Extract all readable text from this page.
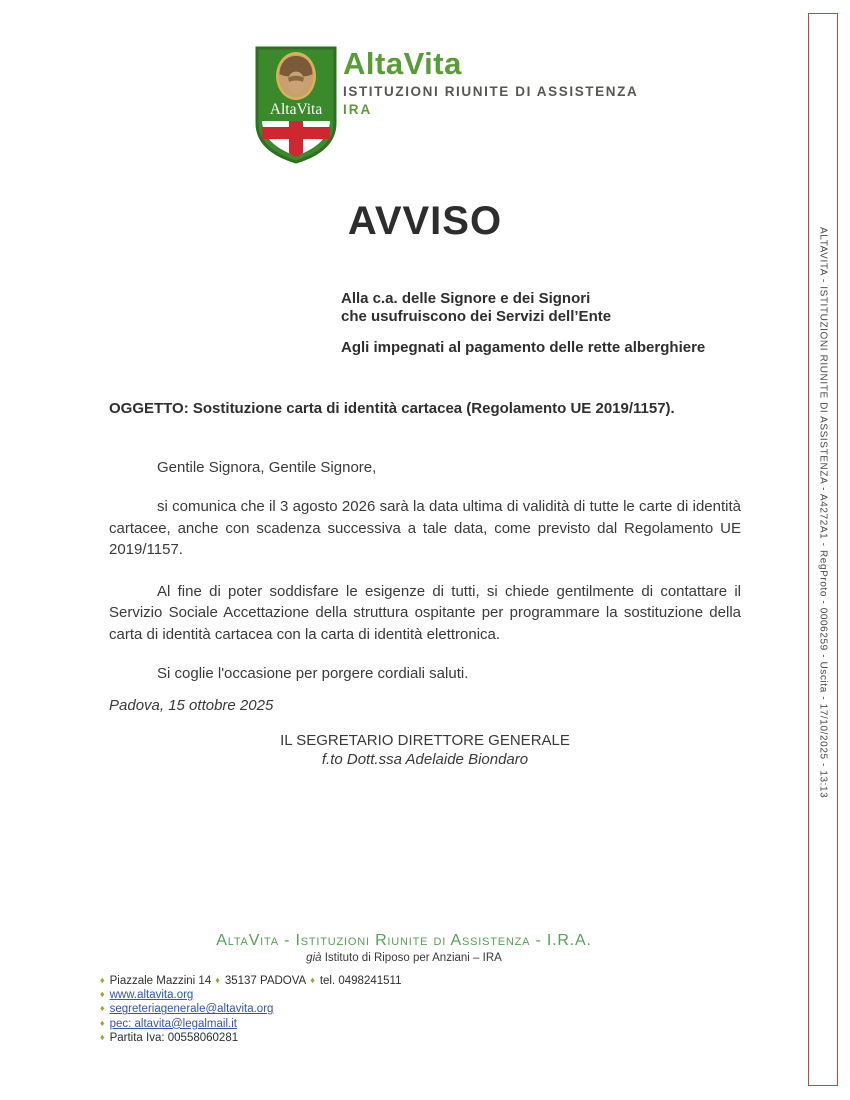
ALTAVITA - ISTITUZIONI RIUNITE DI ASSISTENZA - A4272A1 - RegProto - 0006259 - Uscita - 17/10/2025 - 13:13
AltaVita
AltaVita
ISTITUZIONI RIUNITE DI ASSISTENZA
IRA
AVVISO
Alla c.a. delle Signore e dei Signori
che usufruiscono dei Servizi dell’Ente
Agli impegnati al pagamento delle rette alberghiere
OGGETTO: Sostituzione carta di identità cartacea (Regolamento UE 2019/1157).
Gentile Signora, Gentile Signore,
si comunica che il 3 agosto 2026 sarà la data ultima di validità di tutte le carte di identità cartacee, anche con scadenza successiva a tale data, come previsto dal Regolamento UE 2019/1157.
Al fine di poter soddisfare le esigenze di tutti, si chiede gentilmente di contattare il Servizio Sociale Accettazione della struttura ospitante per programmare la sostituzione della carta di identità cartacea con la carta di identità elettronica.
Si coglie l'occasione per porgere cordiali saluti.
Padova, 15 ottobre 2025
IL SEGRETARIO DIRETTORE GENERALE
f.to Dott.ssa Adelaide Biondaro
AltaVita - Istituzioni Riunite di Assistenza - I.R.A.
già Istituto di Riposo per Anziani – IRA
♦ Piazzale Mazzini 14 ♦ 35137 PADOVA ♦ tel. 0498241511
♦ www.altavita.org
♦ segreteriagenerale@altavita.org
♦ pec: altavita@legalmail.it
♦ Partita Iva: 00558060281
